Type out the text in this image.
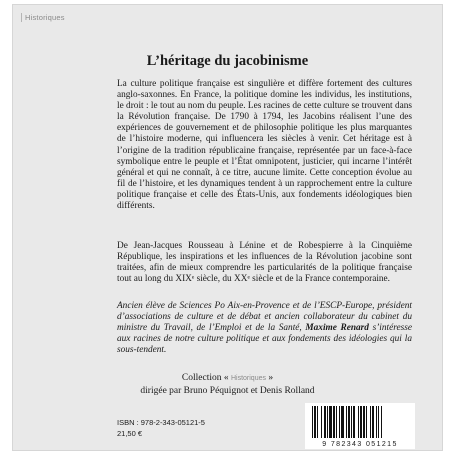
Historiques
L’héritage du jacobinisme

La culture politique française est singulière et diffère fortement des cultures anglo-saxonnes. En France, la politique domine les individus, les institutions, le droit : le tout au nom du peuple. Les racines de cette culture se trouvent dans la Révolution française. De 1790 à 1794, les Jacobins réalisent l’une des expériences de gouvernement et de philosophie politique les plus marquantes de l’histoire moderne, qui influencera les siècles à venir. Cet héritage est à l’origine de la tradition républicaine française, représentée par un face-à-face symbolique entre le peuple et l’État omnipotent, justicier, qui incarne l’intérêt général et qui ne connaît, à ce titre, aucune limite. Cette conception évolue au fil de l’histoire, et les dynamiques tendent à un rapprochement entre la culture politique française et celle des États-Unis, aux fondements idéologiques bien différents.

De Jean-Jacques Rousseau à Lénine et de Robespierre à la Cinquième République, les inspirations et les influences de la Révolution jacobine sont traitées, afin de mieux comprendre les particularités de la politique française tout au long du XIXᵉ siècle, du XXᵉ siècle et de la France contemporaine.

Ancien élève de Sciences Po Aix-en-Provence et de l’ESCP-Europe, président d’associations de culture et de débat et ancien collaborateur du cabinet du ministre du Travail, de l’Emploi et de la Santé, Maxime Renard s’intéresse aux racines de notre culture politique et aux fondements des idéologies qui la sous-tendent.

Collection « Historiques »
dirigée par Bruno Péquignot et Denis Rolland
ISBN : 978-2-343-05121-5
21,50 €
9 782343 051215
